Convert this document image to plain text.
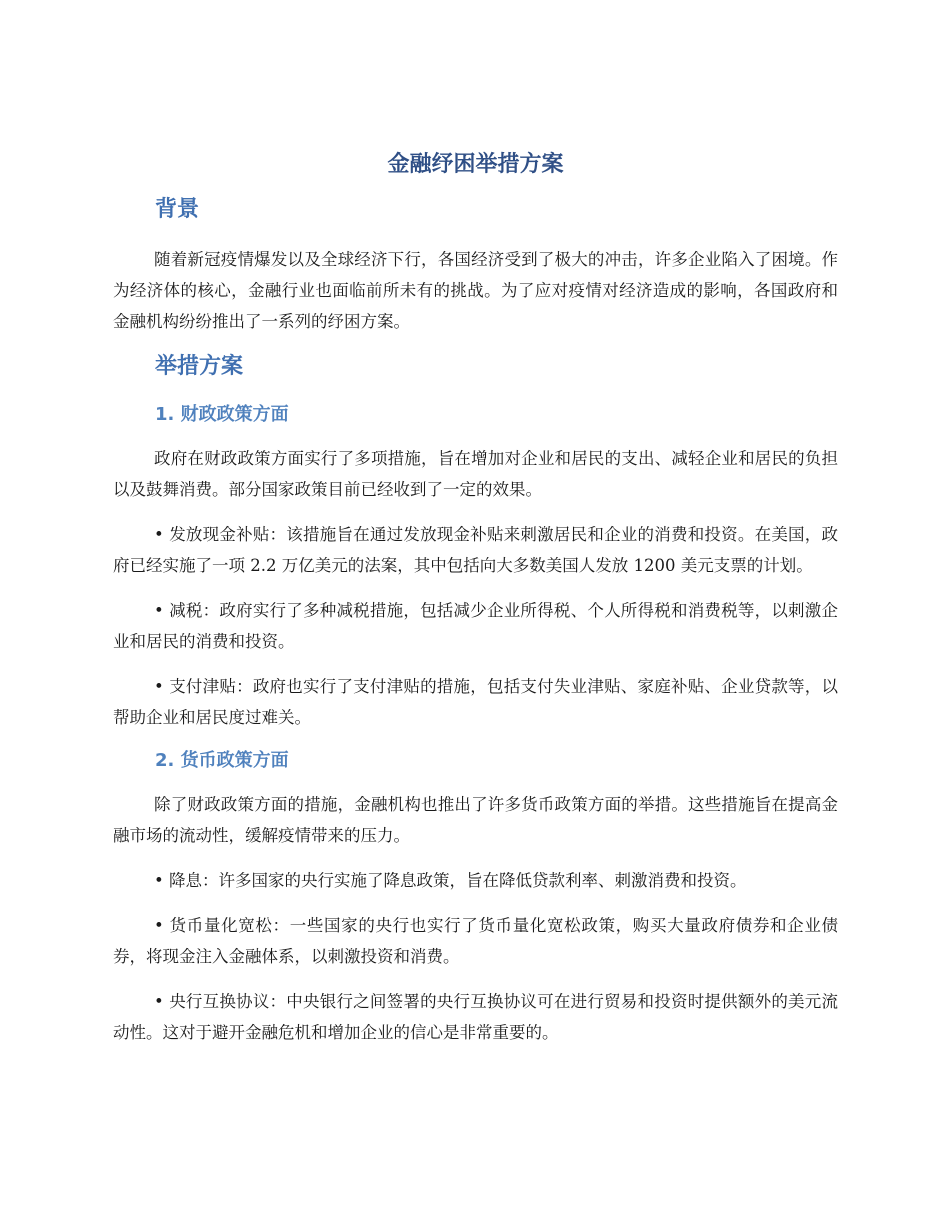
金融纾困举措方案
背景

随着新冠疫情爆发以及全球经济下行，各国经济受到了极大的冲击，许多企业陷入了困境。作为经济体的核心，金融行业也面临前所未有的挑战。为了应对疫情对经济造成的影响，各国政府和金融机构纷纷推出了一系列的纾困方案。

举措方案
1. 财政政策方面

政府在财政政策方面实行了多项措施，旨在增加对企业和居民的支出、减轻企业和居民的负担以及鼓舞消费。部分国家政策目前已经收到了一定的效果。

• 发放现金补贴：该措施旨在通过发放现金补贴来刺激居民和企业的消费和投资。在美国，政府已经实施了一项 2.2 万亿美元的法案，其中包括向大多数美国人发放 1200 美元支票的计划。

• 减税：政府实行了多种减税措施，包括减少企业所得税、个人所得税和消费税等，以刺激企业和居民的消费和投资。

• 支付津贴：政府也实行了支付津贴的措施，包括支付失业津贴、家庭补贴、企业贷款等，以帮助企业和居民度过难关。

2. 货币政策方面

除了财政政策方面的措施，金融机构也推出了许多货币政策方面的举措。这些措施旨在提高金融市场的流动性，缓解疫情带来的压力。

• 降息：许多国家的央行实施了降息政策，旨在降低贷款利率、刺激消费和投资。

• 货币量化宽松：一些国家的央行也实行了货币量化宽松政策，购买大量政府债券和企业债券，将现金注入金融体系，以刺激投资和消费。

• 央行互换协议：中央银行之间签署的央行互换协议可在进行贸易和投资时提供额外的美元流动性。这对于避开金融危机和增加企业的信心是非常重要的。
